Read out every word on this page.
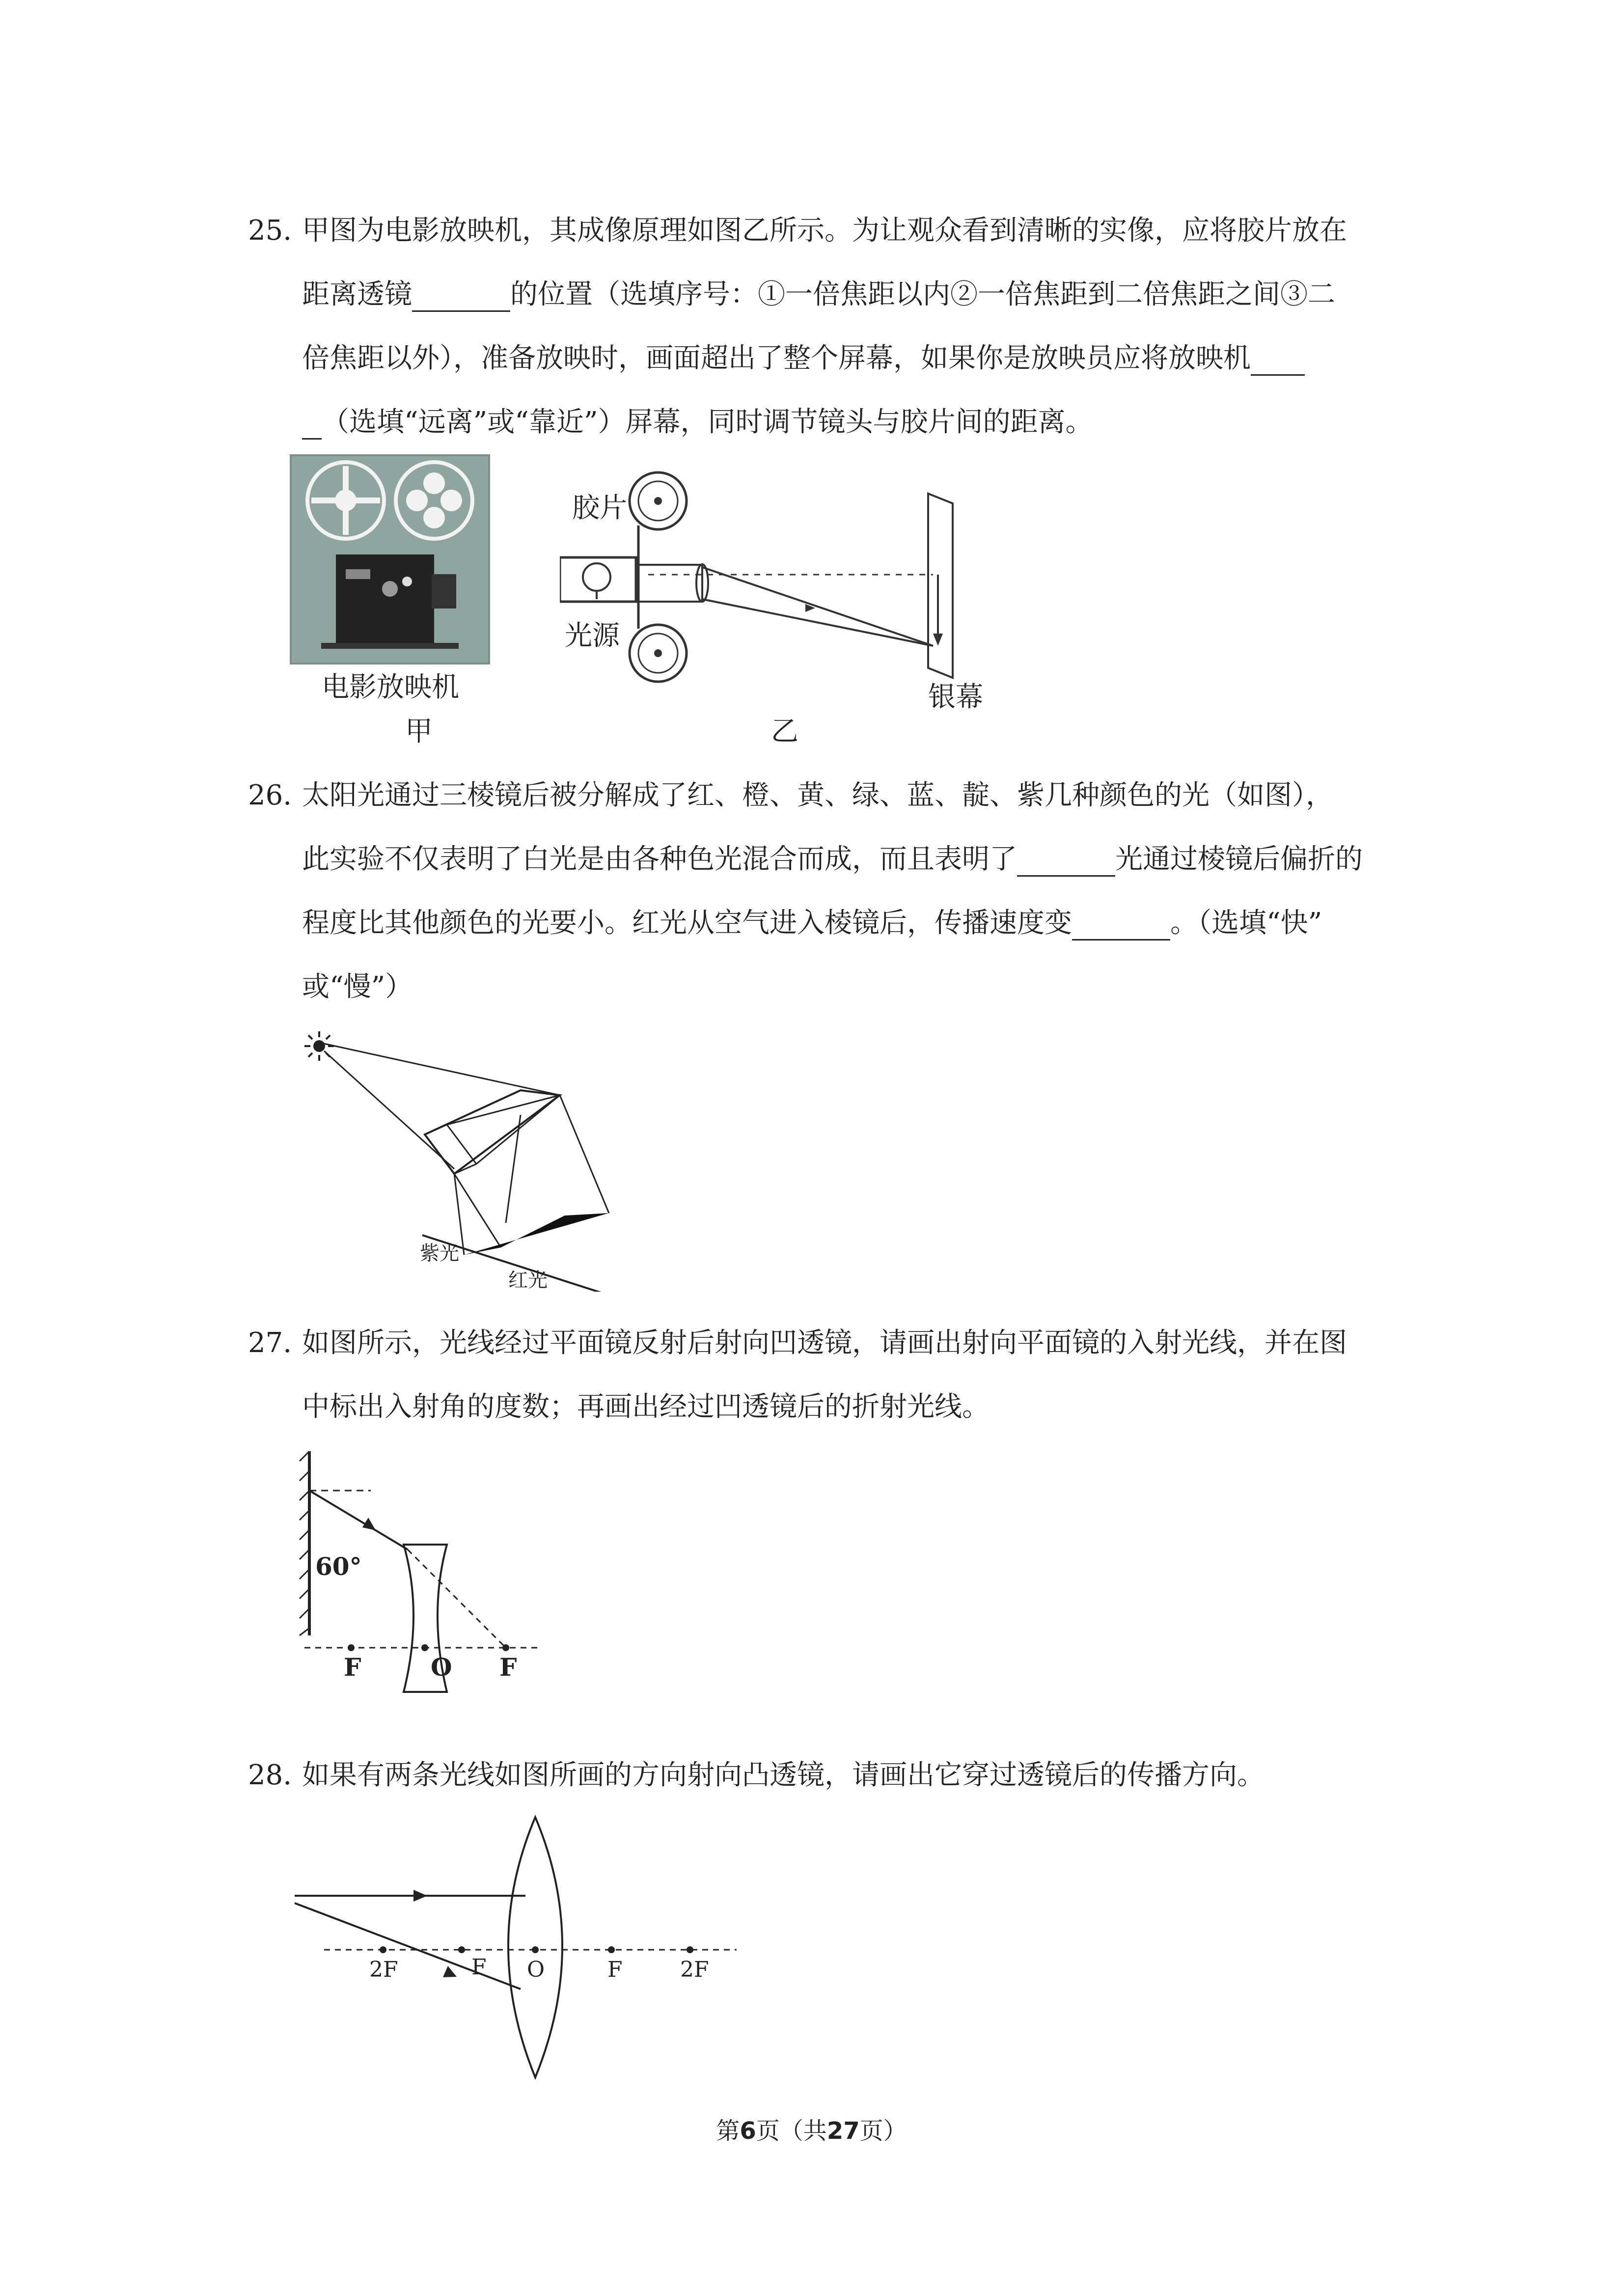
25. 甲图为电影放映机，其成像原理如图乙所示。为让观众看到清晰的实像，应将胶片放在
距离透镜	的位置（选填序号：①一倍焦距以内②一倍焦距到二倍焦距之间③二
倍焦距以外），准备放映时，画面超出了整个屏幕，如果你是放映员应将放映机
（选填“远离”或“靠近”）屏幕，同时调节镜头与胶片间的距离。
电影放映机
甲
胶片
光源
银幕
乙
26. 太阳光通过三棱镜后被分解成了红、橙、黄、绿、蓝、靛、紫几种颜色的光（如图），
此实验不仅表明了白光是由各种色光混合而成，而且表明了	光通过棱镜后偏折的
程度比其他颜色的光要小。红光从空气进入棱镜后，传播速度变	。（选填“快”
或“慢”）
紫光
红光
27. 如图所示，光线经过平面镜反射后射向凹透镜，请画出射向平面镜的入射光线，并在图
中标出入射角的度数；再画出经过凹透镜后的折射光线。
60°
F	O F
28. 如果有两条光线如图所画的方向射向凸透镜，请画出它穿过透镜后的传播方向。
2F	F O	F	2F
第6页（共27页）
